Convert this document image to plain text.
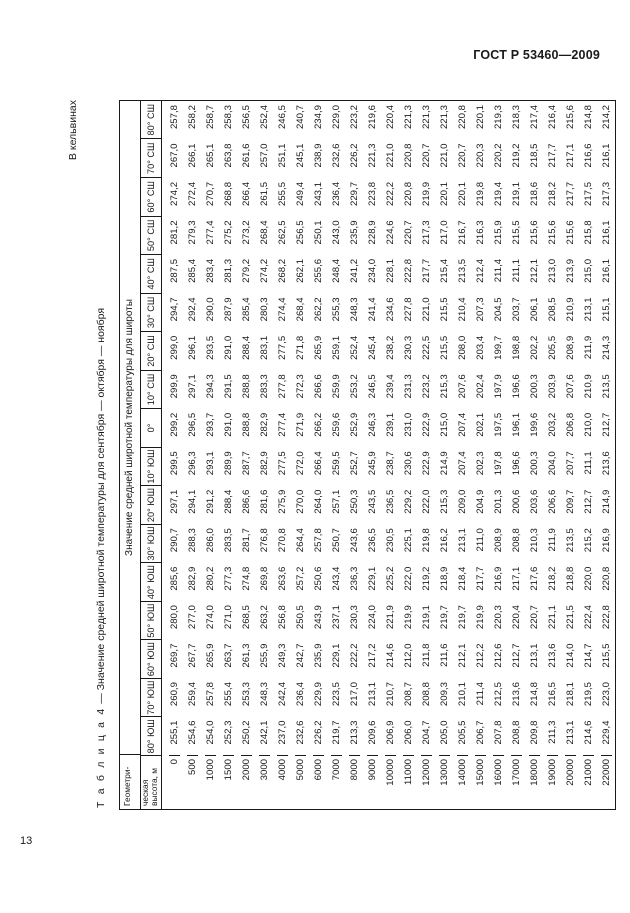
ГОСТ Р 53460—2009
В кельвинах
Т а б л и ц а 4 — Значение средней широтной температуры для сентября — октября — ноября
Геометри-
Значение средней широтной температуры для широты
ческая высота, м
80° ЮШ
70° ЮШ
60° ЮШ
50° ЮШ
40° ЮШ
30° ЮШ
20° ЮШ
10° ЮШ
0°
10° СШ
20° СШ
30° СШ
40° СШ
50° СШ
60° СШ
70° СШ
80° СШ
0
255,1
260,9
269,7
280,0
285,6
290,7
297,1
299,5
299,2
299,9
299,0
294,7
287,5
281,2
274,2
267,0
257,8
500
254,6
259,4
267,7
277,0
282,9
288,3
294,1
296,3
296,5
297,1
296,1
292,4
285,4
279,3
272,4
266,1
258,2
1000
254,0
257,8
265,9
274,0
280,2
286,0
291,2
293,1
293,7
294,3
293,5
290,0
283,4
277,4
270,7
265,1
258,7
1500
252,3
255,4
263,7
271,0
277,3
283,5
288,4
289,9
291,0
291,5
291,0
287,9
281,3
275,2
268,8
263,8
258,3
2000
250,2
253,3
261,3
268,5
274,8
281,7
286,6
287,7
288,8
288,8
288,4
285,4
279,2
273,2
266,4
261,6
256,5
3000
242,1
248,3
255,9
263,2
269,8
276,8
281,6
282,9
282,9
283,3
283,1
280,3
274,2
268,4
261,5
257,0
252,4
4000
237,0
242,4
249,3
256,8
263,6
270,8
275,9
277,5
277,4
277,8
277,5
274,4
268,2
262,5
255,5
251,1
246,5
5000
232,6
236,4
242,7
250,5
257,2
264,4
270,0
272,0
271,9
272,3
271,8
268,4
262,1
256,5
249,4
245,1
240,7
6000
226,2
229,9
235,9
243,9
250,6
257,8
264,0
266,4
266,2
266,6
265,9
262,2
255,6
250,1
243,1
238,9
234,9
7000
219,7
223,5
229,1
237,1
243,4
250,7
257,1
259,5
259,6
259,9
259,1
255,3
248,4
243,0
236,4
232,6
229,0
8000
213,3
217,0
222,2
230,3
236,3
243,6
250,3
252,7
252,9
253,2
252,4
248,3
241,2
235,9
229,7
226,2
223,2
9000
209,6
213,1
217,2
224,0
229,1
236,5
243,5
245,9
246,3
246,5
245,4
241,4
234,0
228,9
223,8
221,3
219,6
10000
206,9
210,7
214,6
221,9
225,2
230,5
236,5
238,7
239,1
239,4
238,2
234,6
228,1
224,6
222,2
221,0
220,4
11000
206,0
208,7
212,0
219,9
222,0
225,1
229,2
230,6
231,0
231,3
230,3
227,8
222,8
220,7
220,8
220,8
221,3
12000
204,7
208,8
211,8
219,1
219,2
219,8
222,0
222,9
222,9
223,2
222,5
221,0
217,7
217,3
219,9
220,7
221,3
13000
205,0
209,3
211,6
219,7
218,9
216,2
215,3
214,9
215,0
215,3
215,5
215,5
215,4
217,0
220,1
221,0
221,3
14000
205,5
210,1
212,1
219,7
218,4
213,1
209,0
207,4
207,4
207,6
208,0
210,4
213,5
216,7
220,1
220,7
220,8
15000
206,7
211,4
212,2
219,9
217,7
211,0
204,9
202,3
202,1
202,4
203,4
207,3
212,4
216,3
219,8
220,3
220,1
16000
207,8
212,5
212,6
220,3
216,9
208,9
201,3
197,8
197,5
197,9
199,7
204,5
211,4
215,9
219,4
220,2
219,3
17000
208,8
213,6
212,7
220,4
217,1
208,8
200,6
196,6
196,1
196,6
198,8
203,7
211,1
215,5
219,1
219,2
218,3
18000
209,8
214,8
213,1
220,7
217,6
210,3
203,6
200,3
199,6
200,3
202,2
206,1
212,1
215,6
218,6
218,5
217,4
19000
211,3
216,5
213,6
221,1
218,2
211,9
206,6
204,0
203,2
203,9
205,5
208,5
213,0
215,6
218,2
217,7
216,4
20000
213,1
218,1
214,0
221,5
218,8
213,5
209,7
207,7
206,8
207,6
208,9
210,9
213,9
215,6
217,7
217,1
215,6
21000
214,6
219,5
214,7
222,4
220,0
215,2
212,7
211,1
210,0
210,9
211,9
213,1
215,0
215,8
217,5
216,6
214,8
22000
229,4
223,0
215,5
222,8
220,8
216,9
214,9
213,6
212,7
213,5
214,3
215,1
216,1
216,1
217,3
216,1
214,2
13
